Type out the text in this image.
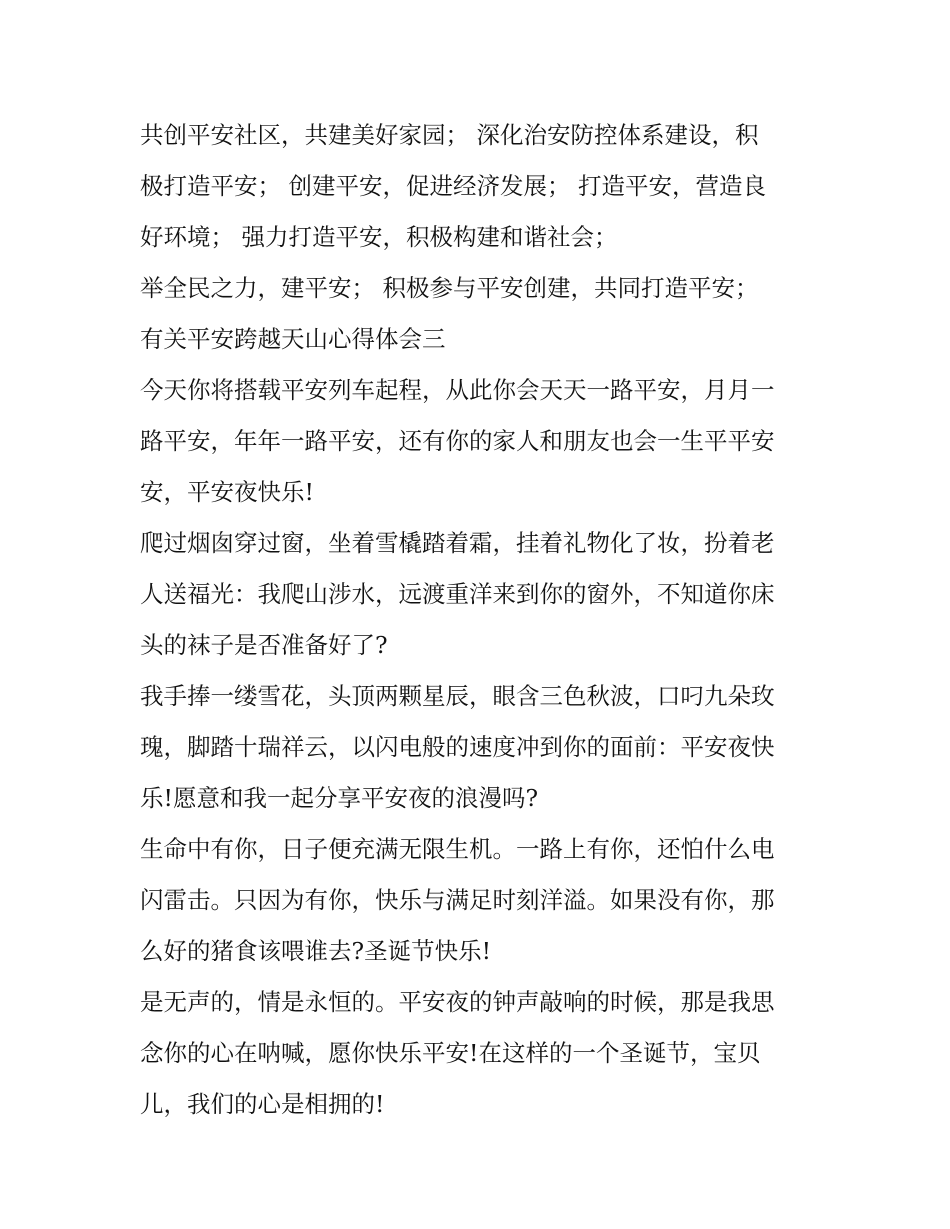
共创平安社区，共建美好家园； 深化治安防控体系建设，积
极打造平安； 创建平安，促进经济发展； 打造平安，营造良
好环境； 强力打造平安，积极构建和谐社会；
举全民之力，建平安； 积极参与平安创建，共同打造平安；
有关平安跨越天山心得体会三
今天你将搭载平安列车起程，从此你会天天一路平安，月月一
路平安，年年一路平安，还有你的家人和朋友也会一生平平安
安，平安夜快乐!
爬过烟囱穿过窗，坐着雪橇踏着霜，挂着礼物化了妆，扮着老
人送福光：我爬山涉水，远渡重洋来到你的窗外，不知道你床
头的袜子是否准备好了?
我手捧一缕雪花，头顶两颗星辰，眼含三色秋波，口叼九朵玫
瑰，脚踏十瑞祥云，以闪电般的速度冲到你的面前：平安夜快
乐!愿意和我一起分享平安夜的浪漫吗?
生命中有你，日子便充满无限生机。一路上有你，还怕什么电
闪雷击。只因为有你，快乐与满足时刻洋溢。如果没有你，那
么好的猪食该喂谁去?圣诞节快乐!
是无声的，情是永恒的。平安夜的钟声敲响的时候，那是我思
念你的心在呐喊，愿你快乐平安!在这样的一个圣诞节，宝贝
儿，我们的心是相拥的!
